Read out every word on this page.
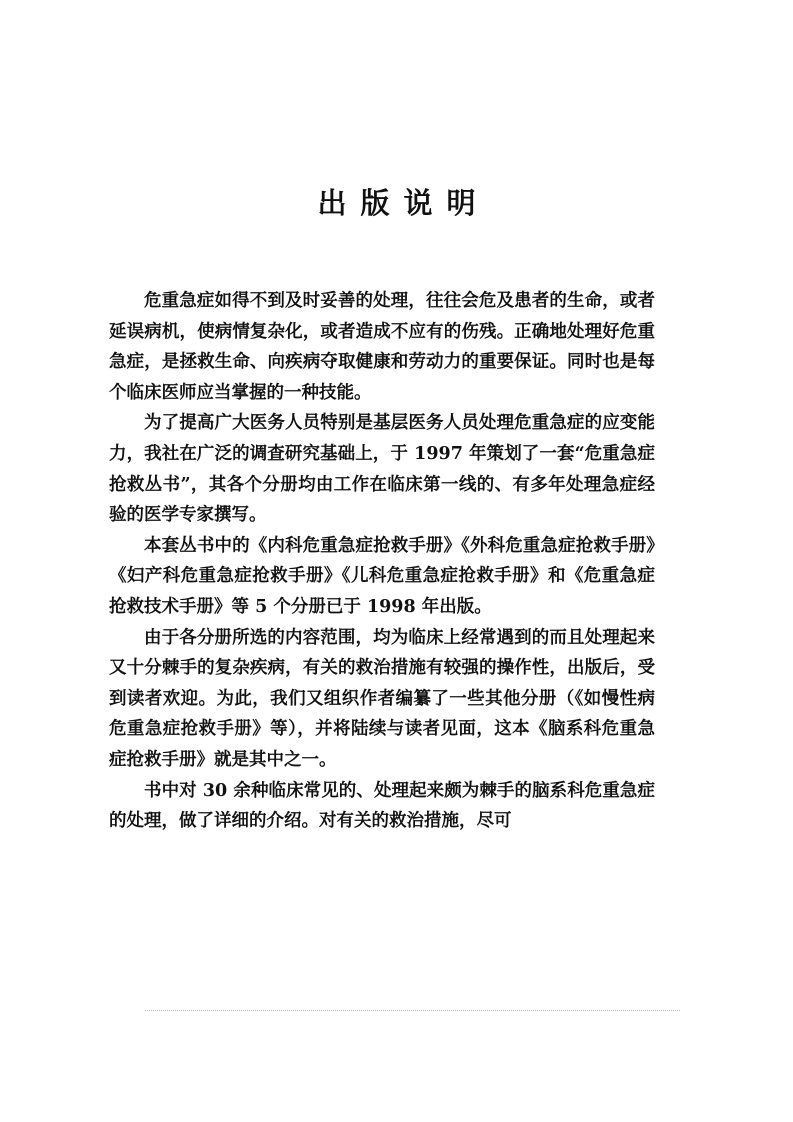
出版说明

危重急症如得不到及时妥善的处理，往往会危及患者的生命，或者延误病机，使病情复杂化，或者造成不应有的伤残。正确地处理好危重急症，是拯救生命、向疾病夺取健康和劳动力的重要保证。同时也是每个临床医师应当掌握的一种技能。

为了提高广大医务人员特别是基层医务人员处理危重急症的应变能力，我社在广泛的调查研究基础上，于 1997 年策划了一套“危重急症抢救丛书”，其各个分册均由工作在临床第一线的、有多年处理急症经验的医学专家撰写。

本套丛书中的《内科危重急症抢救手册》《外科危重急症抢救手册》《妇产科危重急症抢救手册》《儿科危重急症抢救手册》和《危重急症抢救技术手册》等 5 个分册已于 1998 年出版。

由于各分册所选的内容范围，均为临床上经常遇到的而且处理起来又十分棘手的复杂疾病，有关的救治措施有较强的操作性，出版后，受到读者欢迎。为此，我们又组织作者编纂了一些其他分册（《如慢性病危重急症抢救手册》等），并将陆续与读者见面，这本《脑系科危重急症抢救手册》就是其中之一。

书中对 30 余种临床常见的、处理起来颇为棘手的脑系科危重急症的处理，做了详细的介绍。对有关的救治措施，尽可
